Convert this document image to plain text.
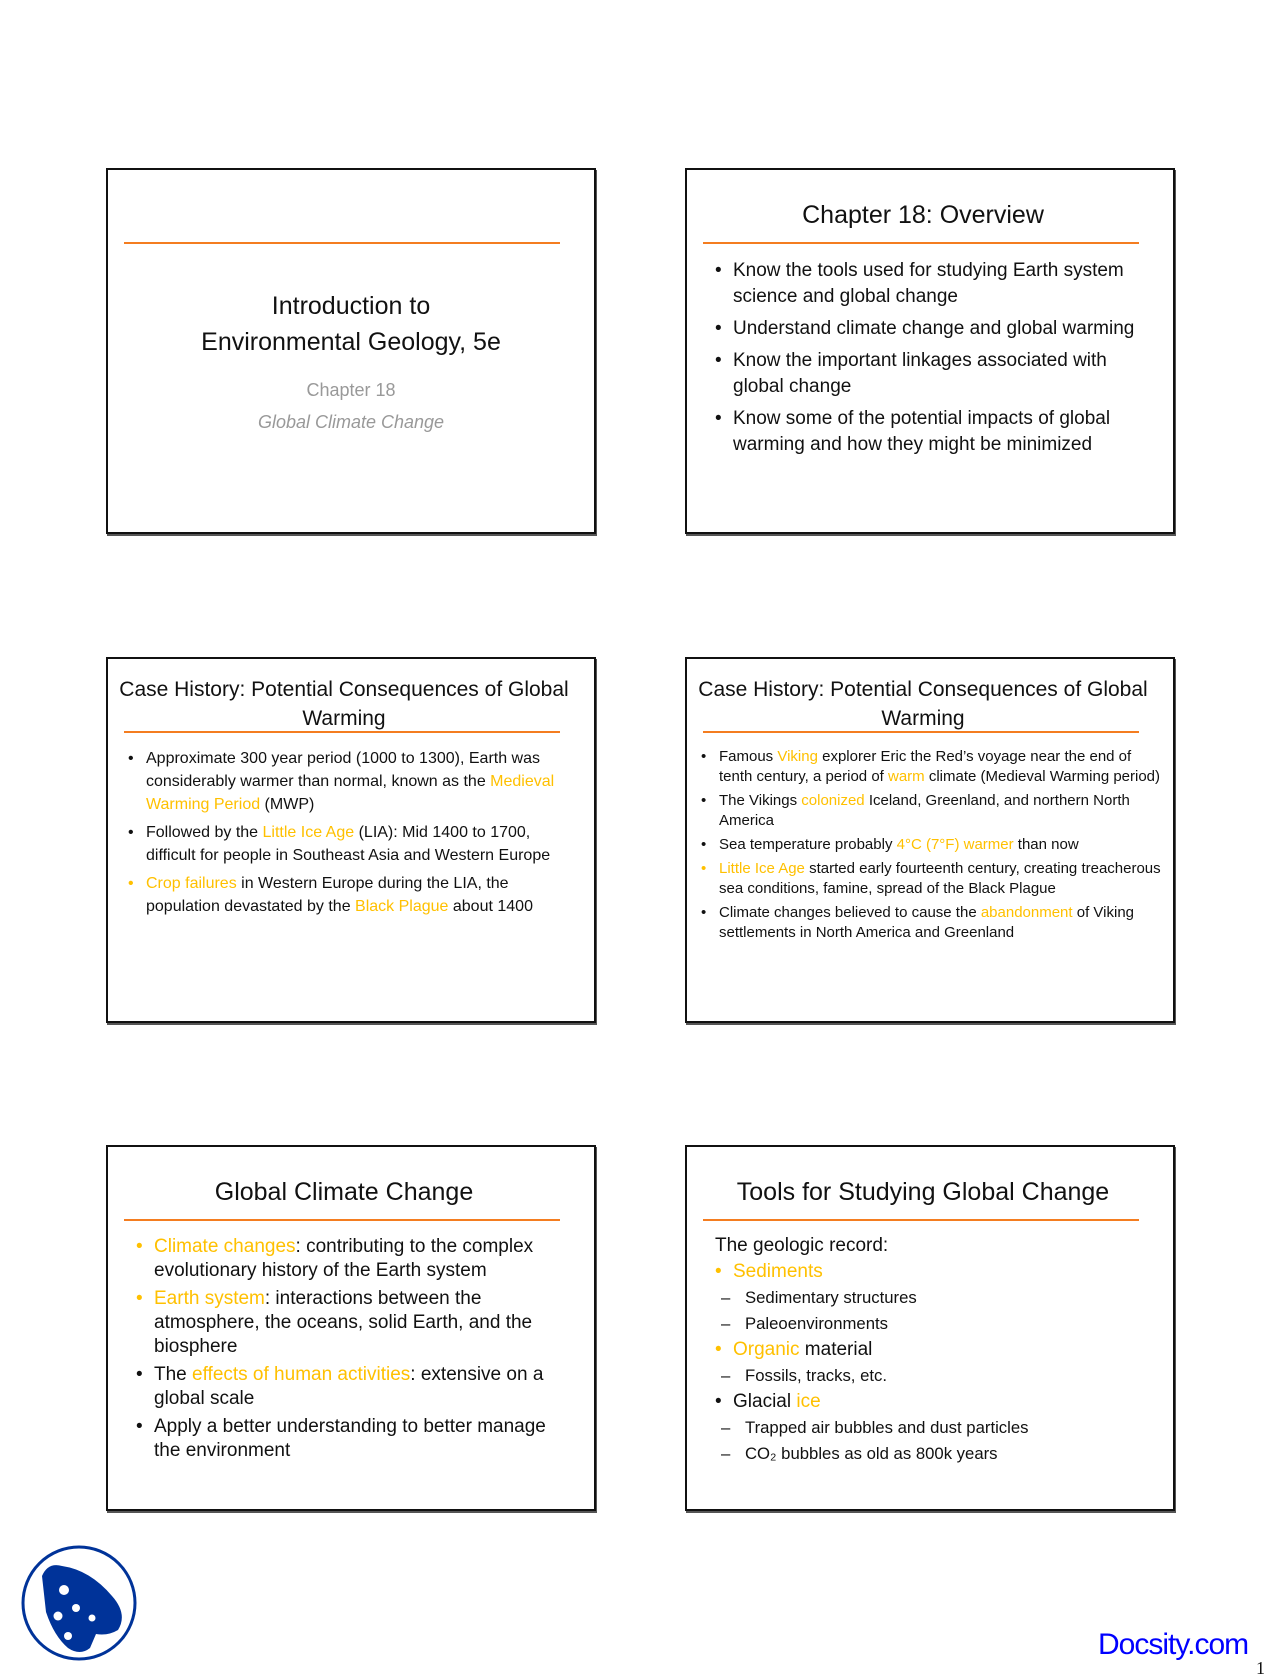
Introduction to
Environmental Geology, 5e
Chapter 18
Global Climate Change
Chapter 18: Overview
• Know the tools used for studying Earth system science and global change
• Understand climate change and global warming
• Know the important linkages associated with global change
• Know some of the potential impacts of global warming and how they might be minimized
Case History: Potential Consequences of Global Warming
• Approximate 300 year period (1000 to 1300), Earth was considerably warmer than normal, known as the Medieval Warming Period (MWP)
• Followed by the Little Ice Age (LIA): Mid 1400 to 1700, difficult for people in Southeast Asia and Western Europe
• Crop failures in Western Europe during the LIA, the population devastated by the Black Plague about 1400
Case History: Potential Consequences of Global Warming
• Famous Viking explorer Eric the Red’s voyage near the end of tenth century, a period of warm climate (Medieval Warming period)
• The Vikings colonized Iceland, Greenland, and northern North America
• Sea temperature probably 4°C (7°F) warmer than now
• Little Ice Age started early fourteenth century, creating treacherous sea conditions, famine, spread of the Black Plague
• Climate changes believed to cause the abandonment of Viking settlements in North America and Greenland
Global Climate Change
• Climate changes: contributing to the complex evolutionary history of the Earth system
• Earth system: interactions between the atmosphere, the oceans, solid Earth, and the biosphere
• The effects of human activities: extensive on a global scale
• Apply a better understanding to better manage the environment
Tools for Studying Global Change
The geologic record:
• Sediments
– Sedimentary structures
– Paleoenvironments
• Organic material
– Fossils, tracks, etc.
• Glacial ice
– Trapped air bubbles and dust particles
– CO₂ bubbles as old as 800k years
Docsity.com
1
